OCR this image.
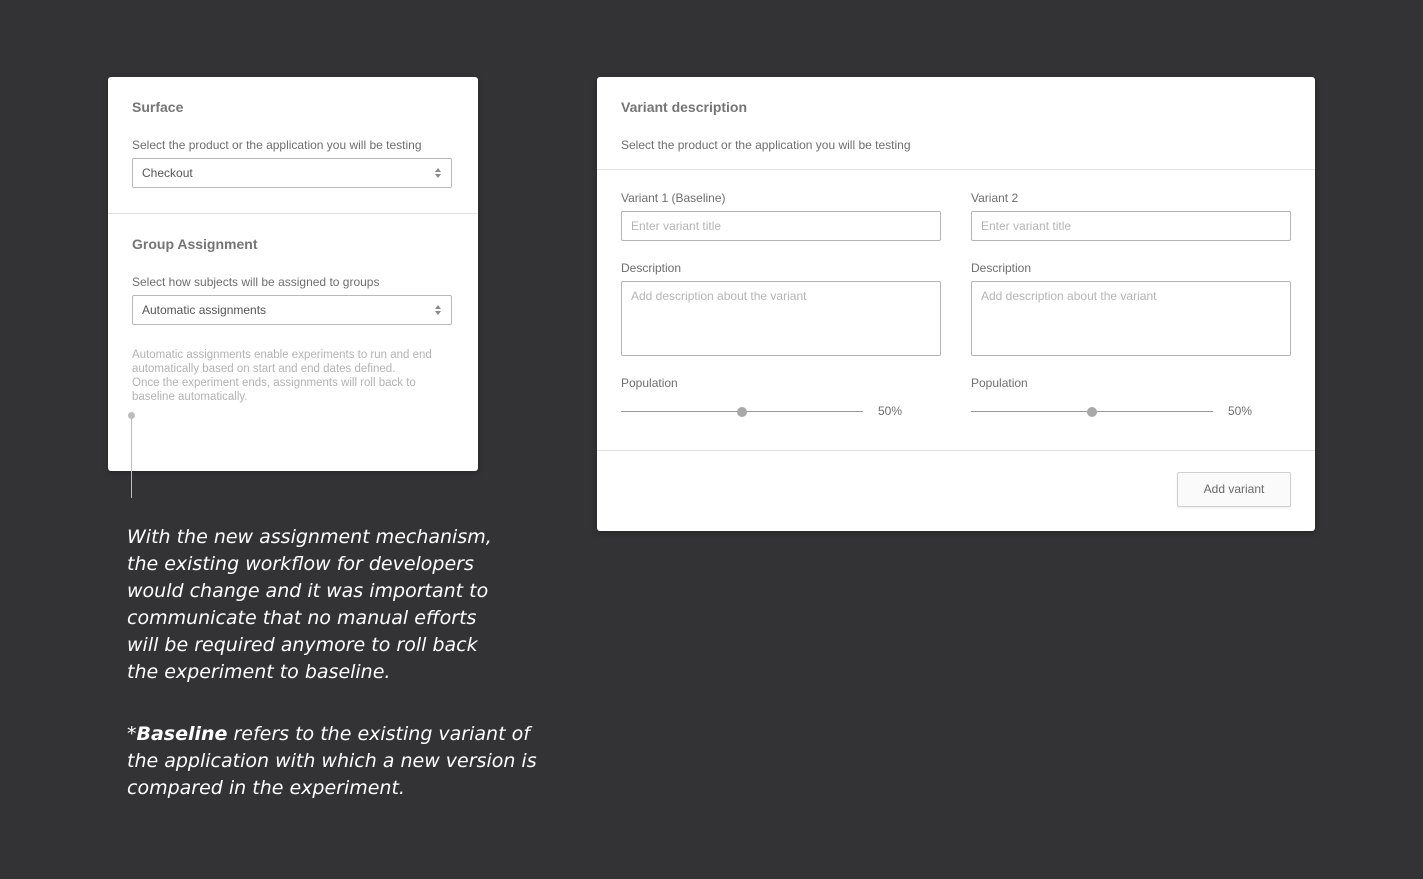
Surface
Select the product or the application you will be testing
Checkout
Group Assignment
Select how subjects will be assigned to groups
Automatic assignments
Automatic assignments enable experiments to run and end
automatically based on start and end dates defined.
Once the experiment ends, assignments will roll back to
baseline automatically.
With the new assignment mechanism,
the existing workflow for developers
would change and it was important to
communicate that no manual efforts
will be required anymore to roll back
the experiment to baseline.
*Baseline refers to the existing variant of
the application with which a new version is
compared in the experiment.
Variant description
Select the product or the application you will be testing
Variant 1 (Baseline)
Enter variant title
Description
Add description about the variant
Population
50%
Variant 2
Enter variant title
Description
Add description about the variant
Population
50%
Add variant
